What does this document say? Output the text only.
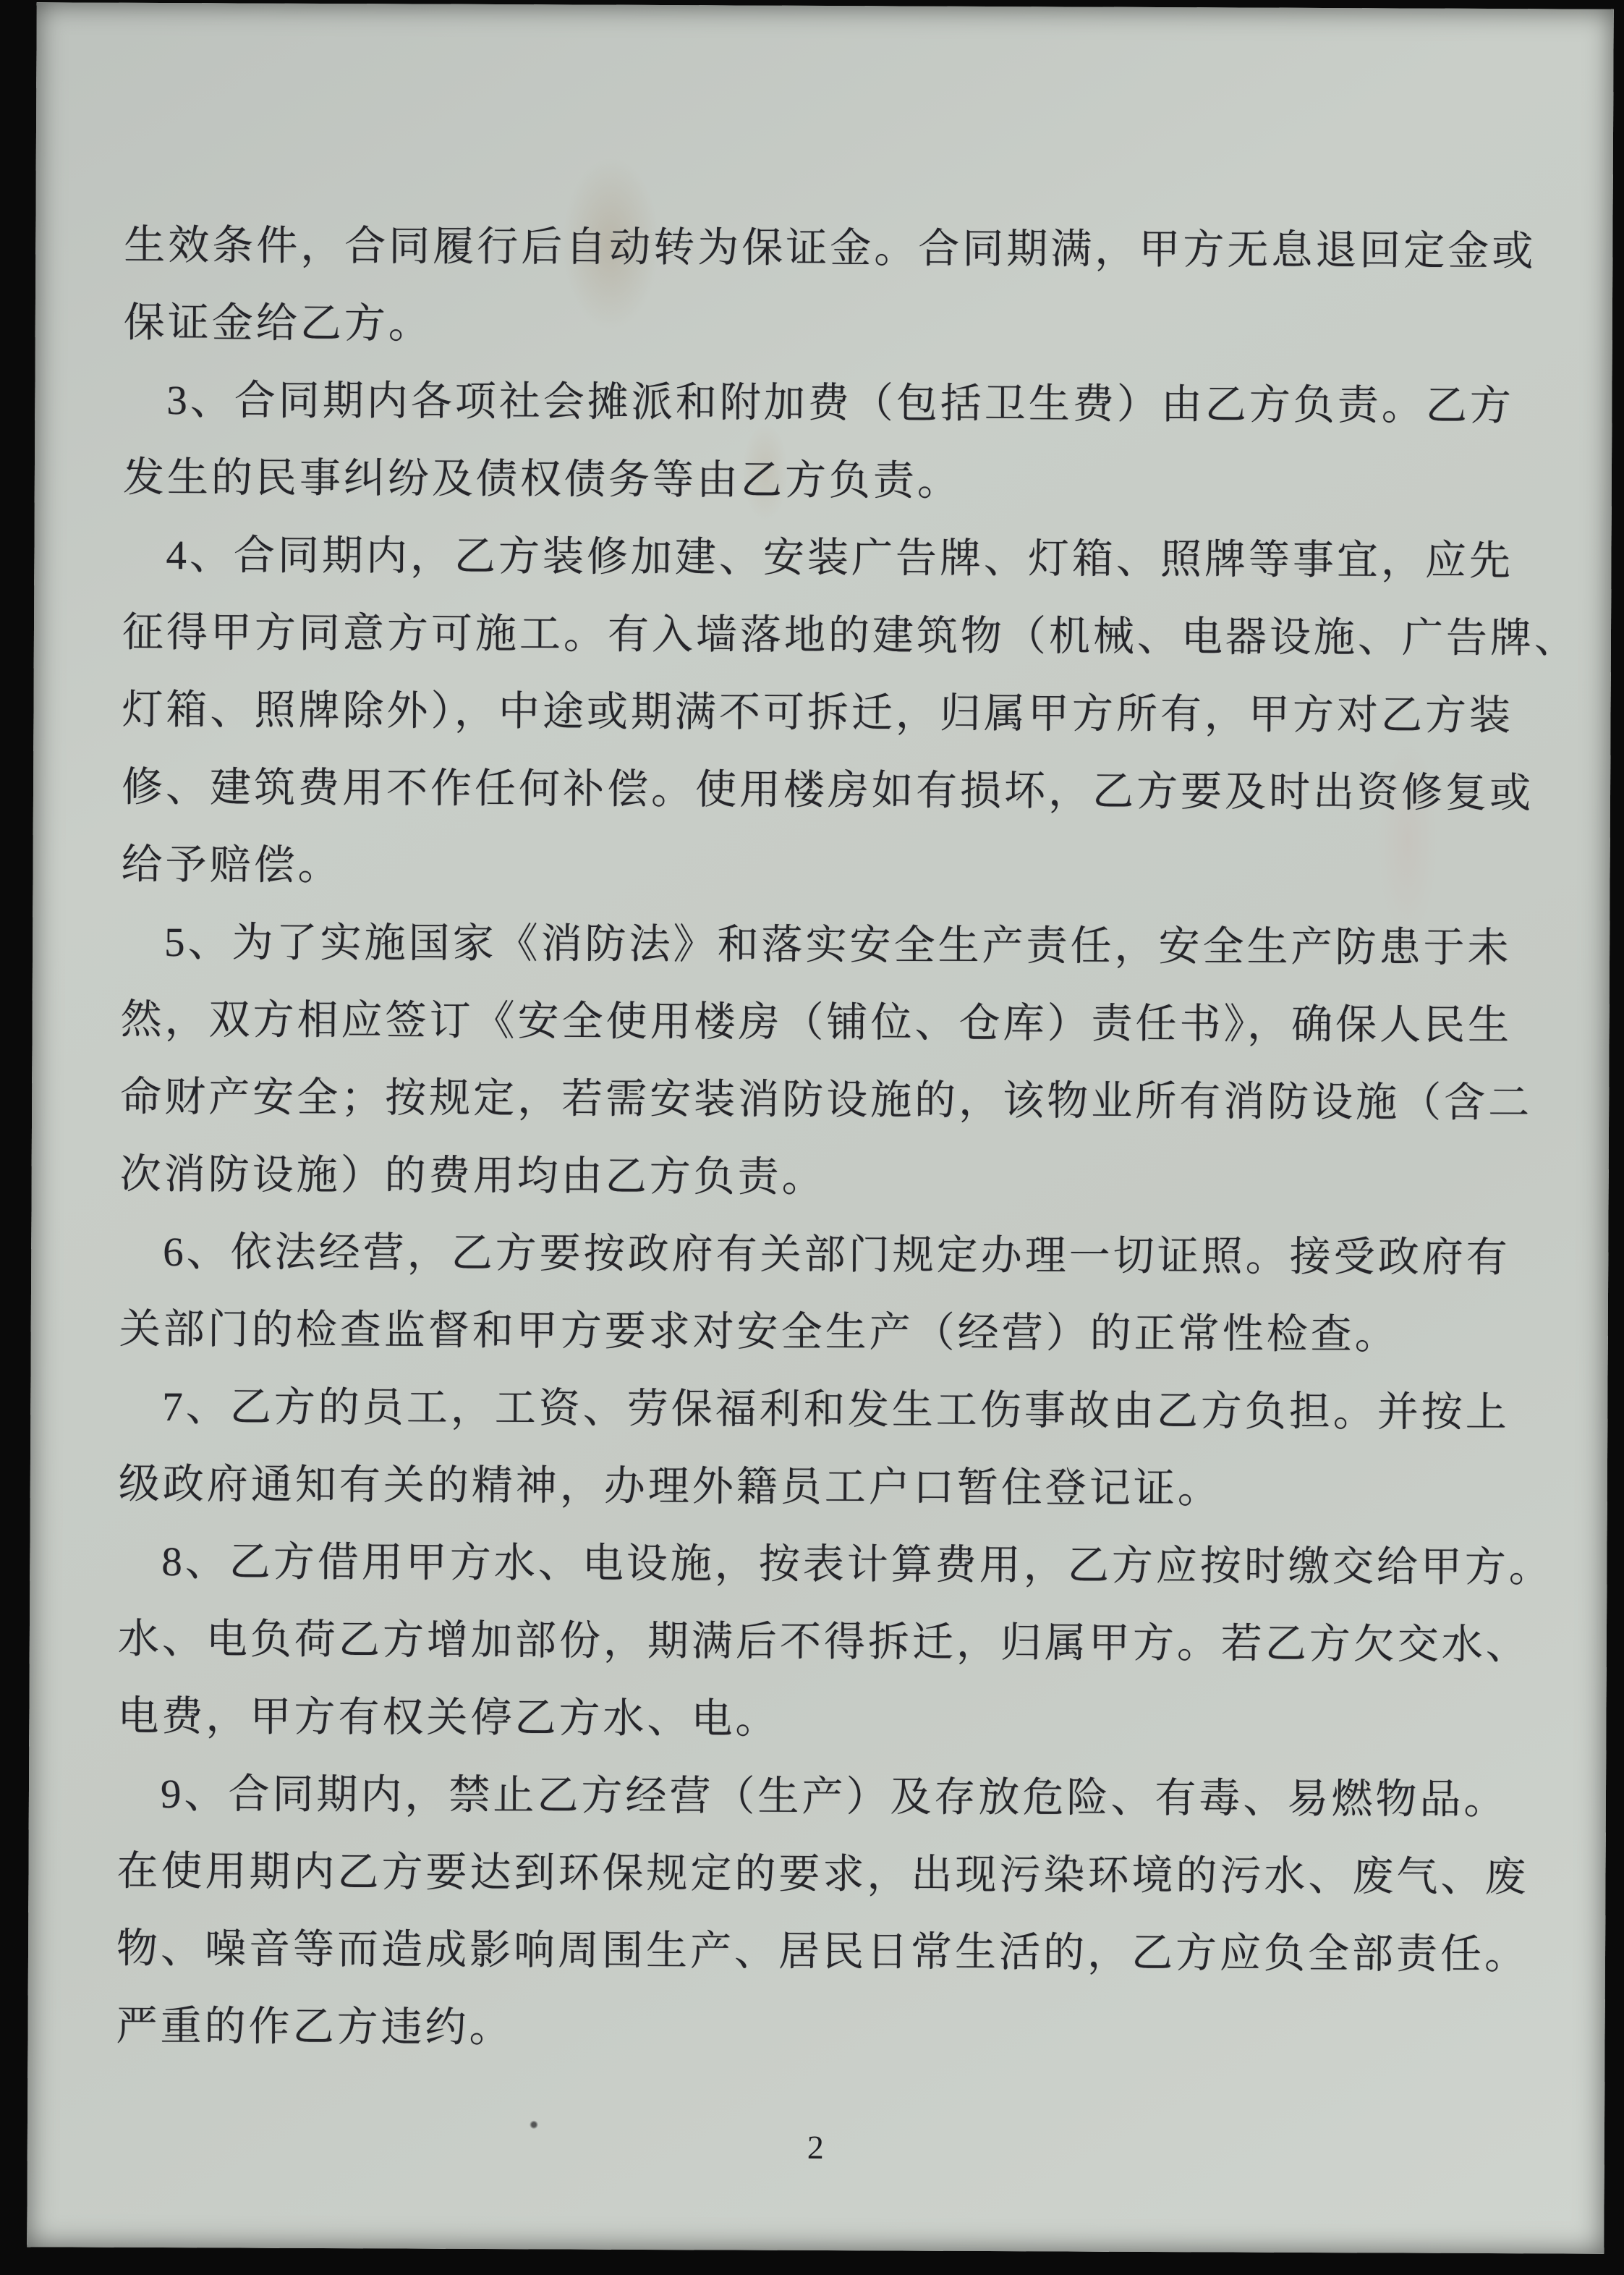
生效条件，合同履行后自动转为保证金。合同期满，甲方无息退回定金或
保证金给乙方。
3、合同期内各项社会摊派和附加费（包括卫生费）由乙方负责。乙方
发生的民事纠纷及债权债务等由乙方负责。
4、合同期内，乙方装修加建、安装广告牌、灯箱、照牌等事宜，应先
征得甲方同意方可施工。有入墙落地的建筑物（机械、电器设施、广告牌、
灯箱、照牌除外），中途或期满不可拆迁，归属甲方所有，甲方对乙方装
修、建筑费用不作任何补偿。使用楼房如有损坏，乙方要及时出资修复或
给予赔偿。
5、为了实施国家《消防法》和落实安全生产责任，安全生产防患于未
然，双方相应签订《安全使用楼房（铺位、仓库）责任书》，确保人民生
命财产安全；按规定，若需安装消防设施的，该物业所有消防设施（含二
次消防设施）的费用均由乙方负责。
6、依法经营，乙方要按政府有关部门规定办理一切证照。接受政府有
关部门的检查监督和甲方要求对安全生产（经营）的正常性检查。
7、乙方的员工，工资、劳保福利和发生工伤事故由乙方负担。并按上
级政府通知有关的精神，办理外籍员工户口暂住登记证。
8、乙方借用甲方水、电设施，按表计算费用，乙方应按时缴交给甲方。
水、电负荷乙方增加部份，期满后不得拆迁，归属甲方。若乙方欠交水、
电费，甲方有权关停乙方水、电。
9、合同期内，禁止乙方经营（生产）及存放危险、有毒、易燃物品。
在使用期内乙方要达到环保规定的要求，出现污染环境的污水、废气、废
物、噪音等而造成影响周围生产、居民日常生活的，乙方应负全部责任。
严重的作乙方违约。
2
